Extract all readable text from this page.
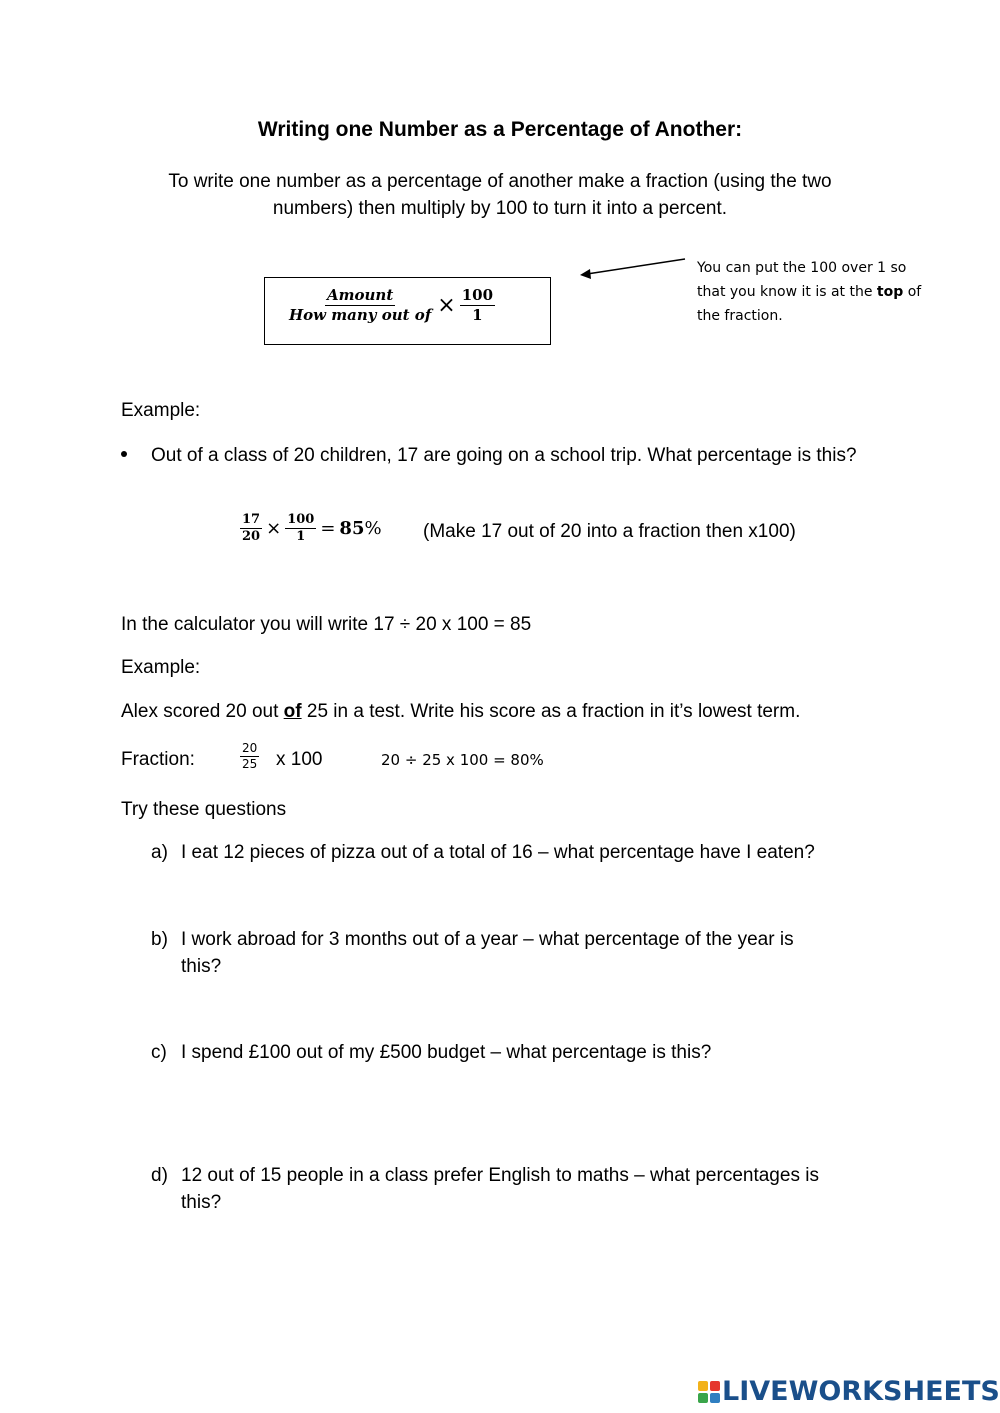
Writing one Number as a Percentage of Another:
To write one number as a percentage of another make a fraction (using the two
numbers) then multiply by 100 to turn it into a percent.
$\frac{\text{Amount}}{\text{How many out of}} \times \frac{100}{1}$
You can put the 100 over 1 so
that you know it is at the top of
the fraction.
Example:
Out of a class of 20 children, 17 are going on a school trip. What percentage is this?
$\frac{17}{20} \times \frac{100}{1} = 85$ % (Make 17 out of 20 into a fraction then x100)
In the calculator you will write 17 ÷ 20 x 100 = 85
Example:
Alex scored 20 out of 25 in a test. Write his score as a fraction in it’s lowest term.
Fraction:	$\frac{20}{25}$ x 100	20 ÷ 25 x 100 = 80%
Try these questions
a) I eat 12 pieces of pizza out of a total of 16 – what percentage have I eaten?
b) I work abroad for 3 months out of a year – what percentage of the year is
this?
c) I spend £100 out of my £500 budget – what percentage is this?
d) 12 out of 15 people in a class prefer English to maths – what percentages is
this?
LIVEWORKSHEETS
